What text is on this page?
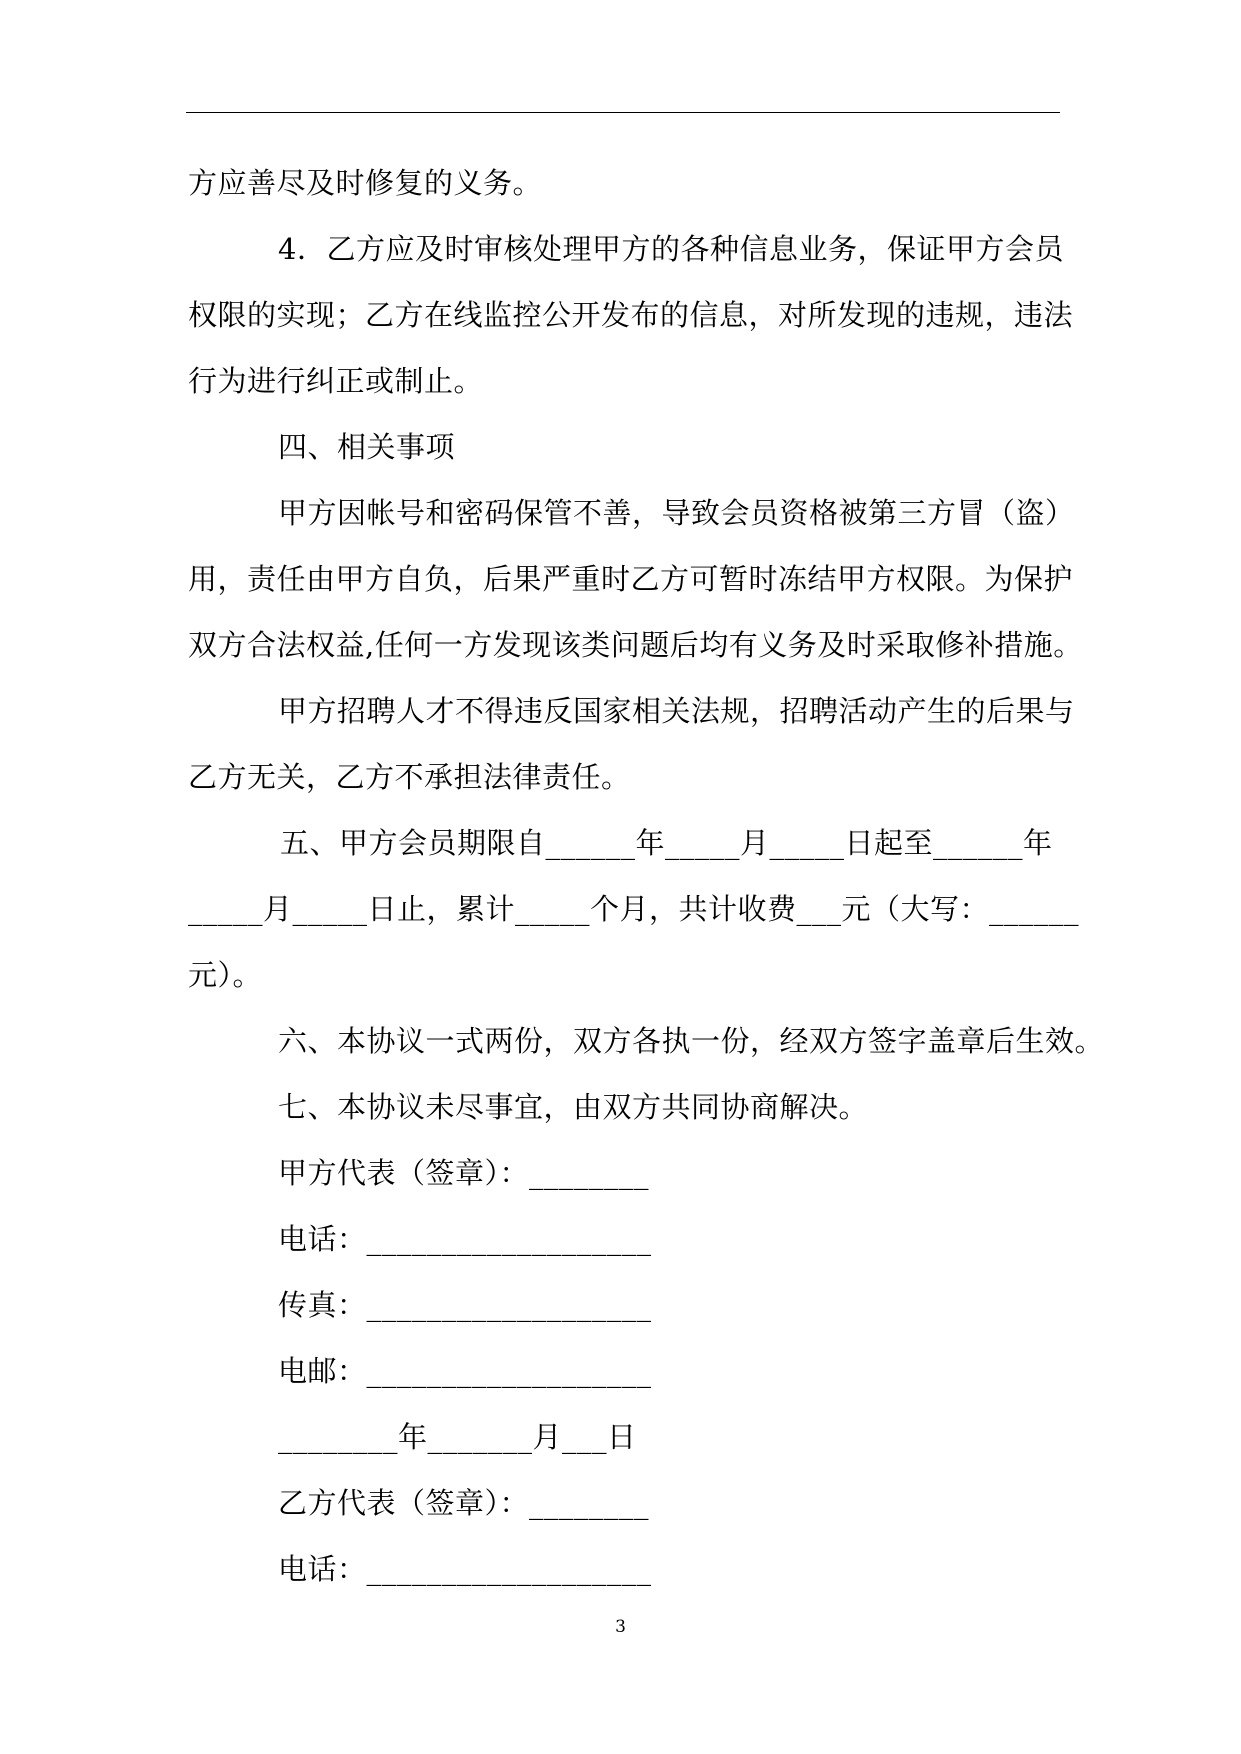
方应善尽及时修复的义务。
4．乙方应及时审核处理甲方的各种信息业务，保证甲方会员
权限的实现；乙方在线监控公开发布的信息，对所发现的违规，违法
行为进行纠正或制止。
四、相关事项
甲方因帐号和密码保管不善，导致会员资格被第三方冒（盗）
用，责任由甲方自负，后果严重时乙方可暂时冻结甲方权限。为保护
双方合法权益,任何一方发现该类问题后均有义务及时采取修补措施。
甲方招聘人才不得违反国家相关法规，招聘活动产生的后果与
乙方无关，乙方不承担法律责任。
五、甲方会员期限自______年_____月_____日起至______年
_____月_____日止，累计_____个月，共计收费___元（大写：______
元）。
六、本协议一式两份，双方各执一份，经双方签字盖章后生效。
七、本协议未尽事宜，由双方共同协商解决。
甲方代表（签章）：________
电话：___________________
传真：___________________
电邮：___________________
________年_______月___日
乙方代表（签章）：________
电话：___________________
3
